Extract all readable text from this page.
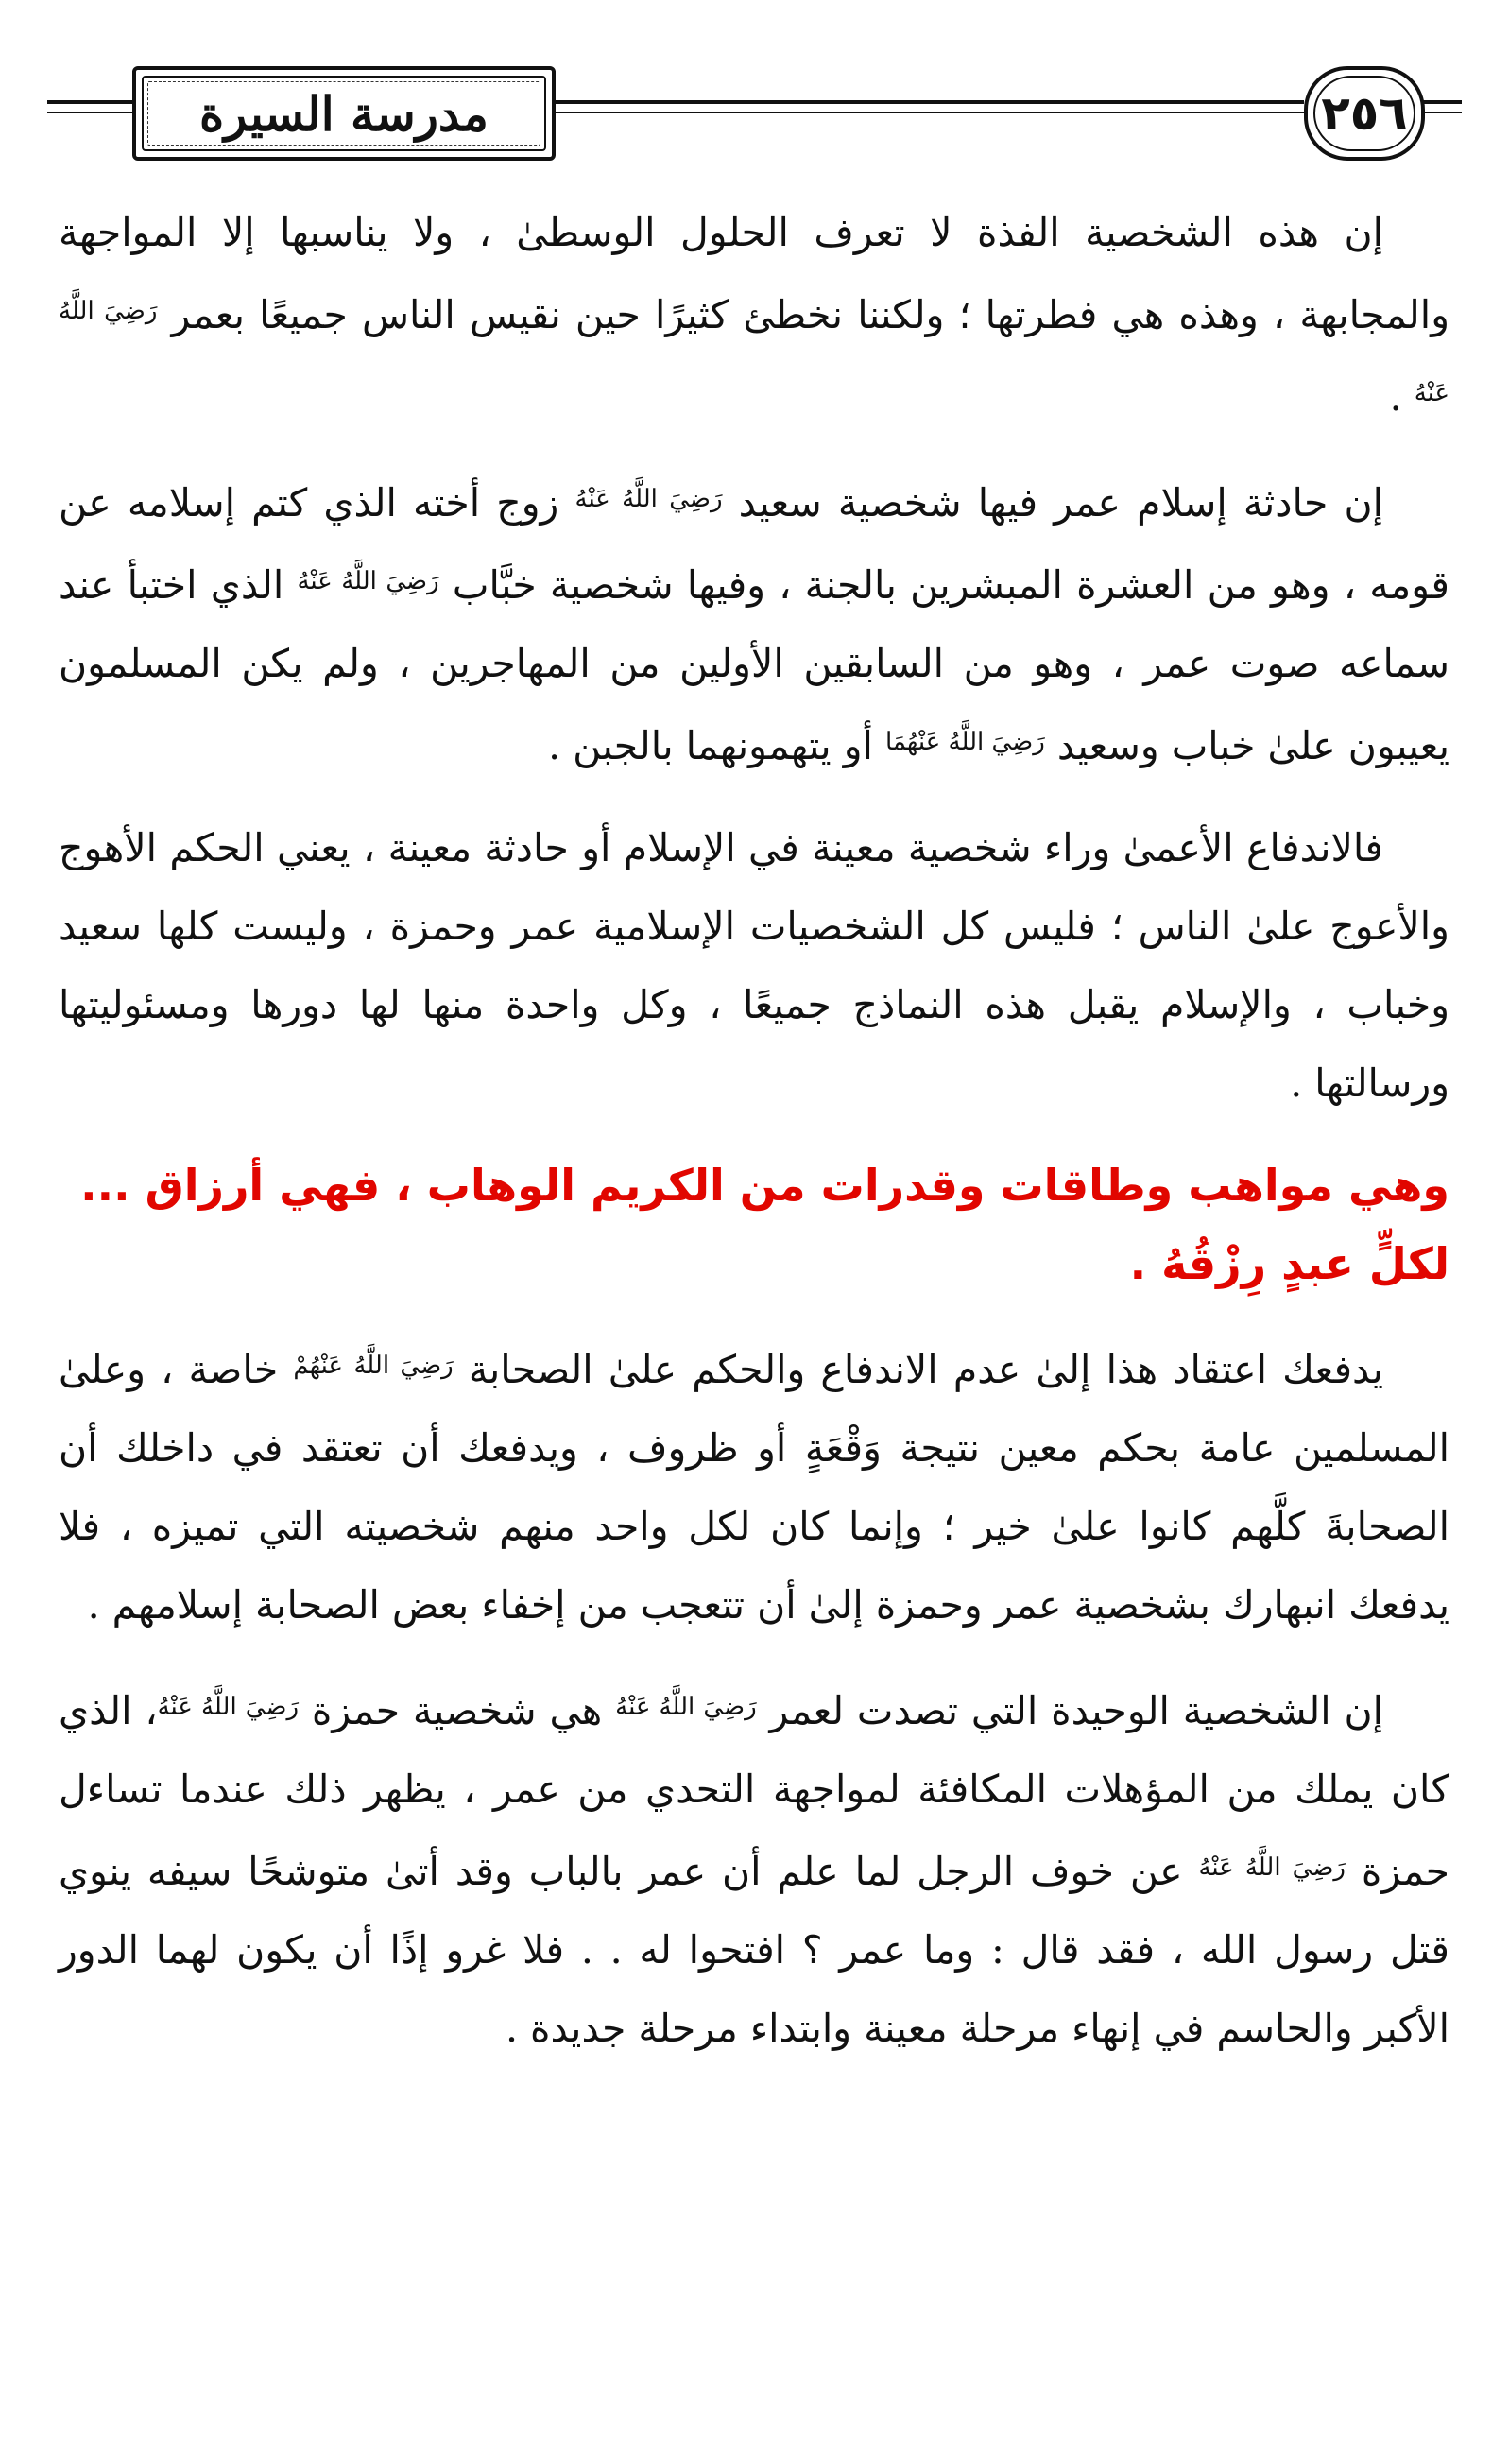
مدرسة السيرة	٢٥٦

إن هذه الشخصية الفذة لا تعرف الحلول الوسطىٰ ، ولا يناسبها إلا المواجهة والمجابهة ، وهذه هي فطرتها ؛ ولكننا نخطئ كثيرًا حين نقيس الناس جميعًا بعمر $^{رَضِيَ اللَّهُ عَنْهُ}$ .

إن حادثة إسلام عمر فيها شخصية سعيد $^{رَضِيَ اللَّهُ عَنْهُ}$ زوج أخته الذي كتم إسلامه عن قومه ، وهو من العشرة المبشرين بالجنة ، وفيها شخصية خبَّاب $^{رَضِيَ اللَّهُ عَنْهُ}$ الذي اختبأ عند سماعه صوت عمر ، وهو من السابقين الأولين من المهاجرين ، ولم يكن المسلمون يعيبون علىٰ خباب وسعيد $^{رَضِيَ اللَّهُ عَنْهُمَا}$ أو يتهمونهما بالجبن .

فالاندفاع الأعمىٰ وراء شخصية معينة في الإسلام أو حادثة معينة ، يعني الحكم الأهوج والأعوج علىٰ الناس ؛ فليس كل الشخصيات الإسلامية عمر وحمزة ، وليست كلها سعيد وخباب ، والإسلام يقبل هذه النماذج جميعًا ، وكل واحدة منها لها دورها ومسئوليتها ورسالتها .

وهي مواهب وطاقات وقدرات من الكريم الوهاب ، فهي أرزاق ... لكلٍّ عبدٍ رِزْقُهُ .

يدفعك اعتقاد هذا إلىٰ عدم الاندفاع والحكم علىٰ الصحابة $^{رَضِيَ اللَّهُ عَنْهُمْ}$ خاصة ، وعلىٰ المسلمين عامة بحكم معين نتيجة وَقْعَةٍ أو ظروف ، ويدفعك أن تعتقد في داخلك أن الصحابةَ كلَّهم كانوا علىٰ خير ؛ وإنما كان لكل واحد منهم شخصيته التي تميزه ، فلا يدفعك انبهارك بشخصية عمر وحمزة إلىٰ أن تتعجب من إخفاء بعض الصحابة إسلامهم .

إن الشخصية الوحيدة التي تصدت لعمر $^{رَضِيَ اللَّهُ عَنْهُ}$ هي شخصية حمزة $^{رَضِيَ اللَّهُ عَنْهُ}$، الذي كان يملك من المؤهلات المكافئة لمواجهة التحدي من عمر ، يظهر ذلك عندما تساءل حمزة $^{رَضِيَ اللَّهُ عَنْهُ}$ عن خوف الرجل لما علم أن عمر بالباب وقد أتىٰ متوشحًا سيفه ينوي قتل رسول الله ، فقد قال : وما عمر ؟ افتحوا له . . فلا غرو إذًا أن يكون لهما الدور الأكبر والحاسم في إنهاء مرحلة معينة وابتداء مرحلة جديدة .
